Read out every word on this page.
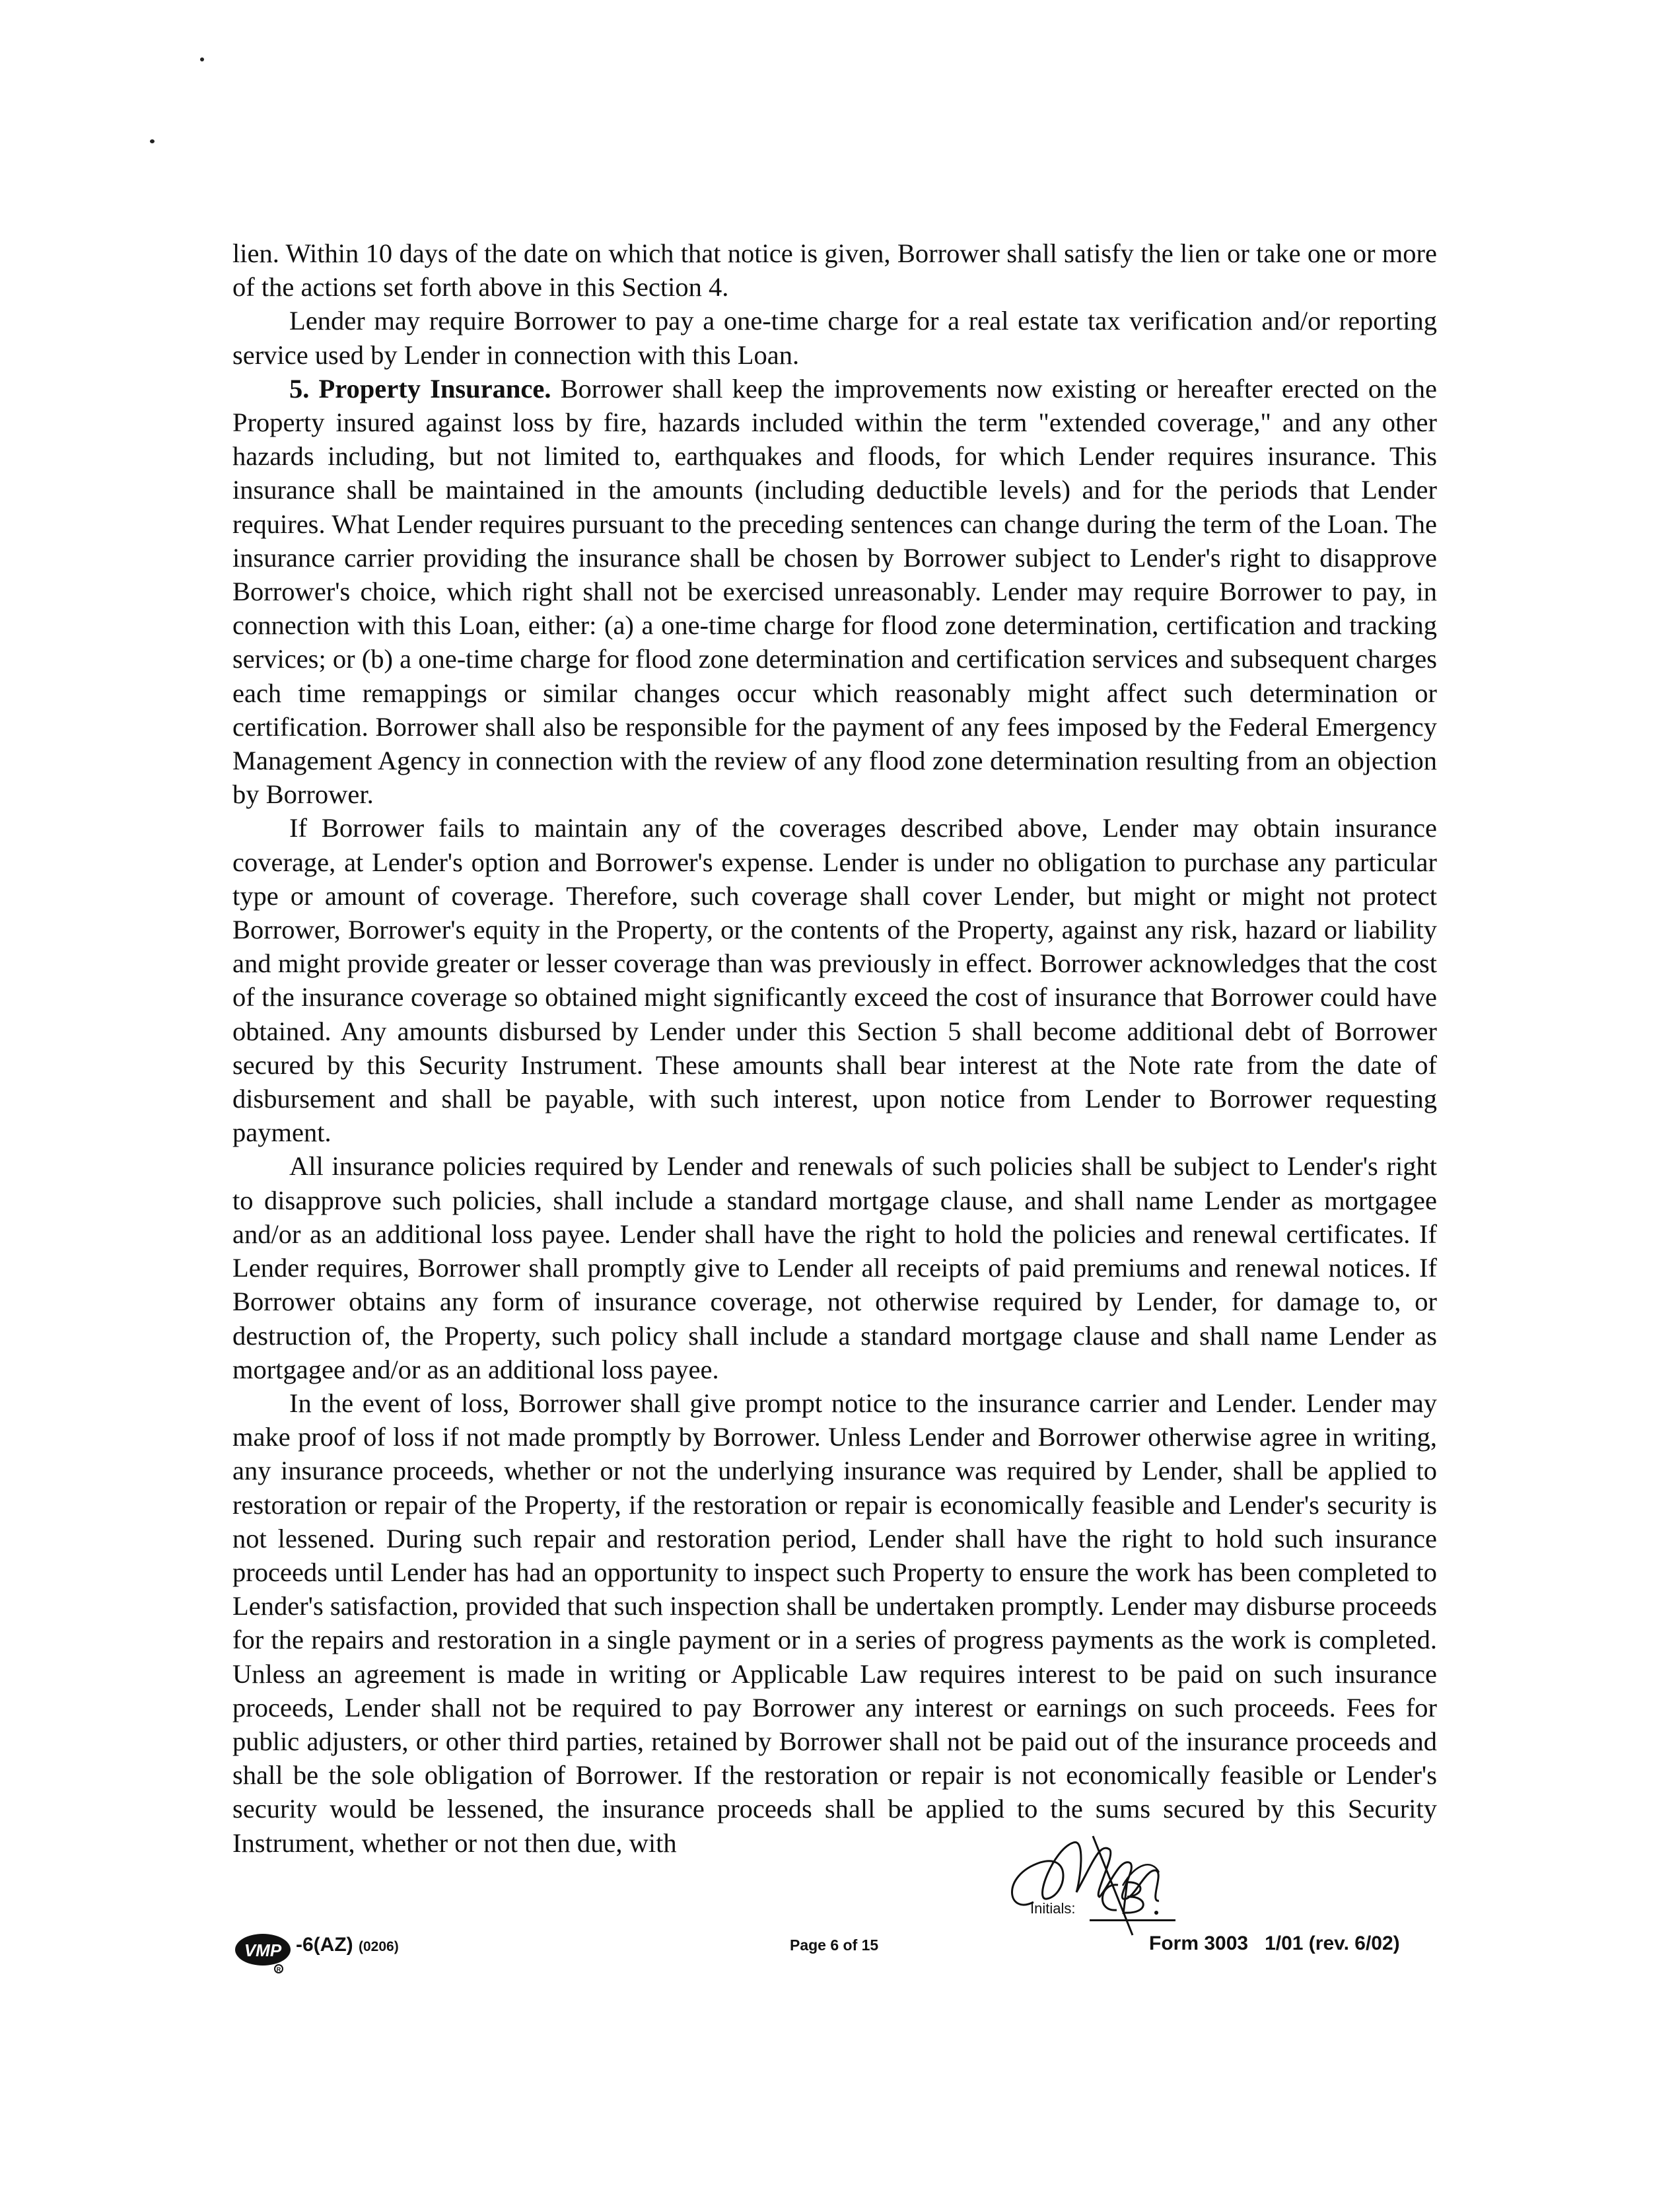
lien. Within 10 days of the date on which that notice is given, Borrower shall satisfy the lien or take one or more of the actions set forth above in this Section 4.

Lender may require Borrower to pay a one-time charge for a real estate tax verification and/or reporting service used by Lender in connection with this Loan.

5. Property Insurance. Borrower shall keep the improvements now existing or hereafter erected on the Property insured against loss by fire, hazards included within the term "extended coverage," and any other hazards including, but not limited to, earthquakes and floods, for which Lender requires insurance. This insurance shall be maintained in the amounts (including deductible levels) and for the periods that Lender requires. What Lender requires pursuant to the preceding sentences can change during the term of the Loan. The insurance carrier providing the insurance shall be chosen by Borrower subject to Lender's right to disapprove Borrower's choice, which right shall not be exercised unreasonably. Lender may require Borrower to pay, in connection with this Loan, either: (a) a one-time charge for flood zone determination, certification and tracking services; or (b) a one-time charge for flood zone determination and certification services and subsequent charges each time remappings or similar changes occur which reasonably might affect such determination or certification. Borrower shall also be responsible for the payment of any fees imposed by the Federal Emergency Management Agency in connection with the review of any flood zone determination resulting from an objection by Borrower.

If Borrower fails to maintain any of the coverages described above, Lender may obtain insurance coverage, at Lender's option and Borrower's expense. Lender is under no obligation to purchase any particular type or amount of coverage. Therefore, such coverage shall cover Lender, but might or might not protect Borrower, Borrower's equity in the Property, or the contents of the Property, against any risk, hazard or liability and might provide greater or lesser coverage than was previously in effect. Borrower acknowledges that the cost of the insurance coverage so obtained might significantly exceed the cost of insurance that Borrower could have obtained. Any amounts disbursed by Lender under this Section 5 shall become additional debt of Borrower secured by this Security Instrument. These amounts shall bear interest at the Note rate from the date of disbursement and shall be payable, with such interest, upon notice from Lender to Borrower requesting payment.

All insurance policies required by Lender and renewals of such policies shall be subject to Lender's right to disapprove such policies, shall include a standard mortgage clause, and shall name Lender as mortgagee and/or as an additional loss payee. Lender shall have the right to hold the policies and renewal certificates. If Lender requires, Borrower shall promptly give to Lender all receipts of paid premiums and renewal notices. If Borrower obtains any form of insurance coverage, not otherwise required by Lender, for damage to, or destruction of, the Property, such policy shall include a standard mortgage clause and shall name Lender as mortgagee and/or as an additional loss payee.

In the event of loss, Borrower shall give prompt notice to the insurance carrier and Lender. Lender may make proof of loss if not made promptly by Borrower. Unless Lender and Borrower otherwise agree in writing, any insurance proceeds, whether or not the underlying insurance was required by Lender, shall be applied to restoration or repair of the Property, if the restoration or repair is economically feasible and Lender's security is not lessened. During such repair and restoration period, Lender shall have the right to hold such insurance proceeds until Lender has had an opportunity to inspect such Property to ensure the work has been completed to Lender's satisfaction, provided that such inspection shall be undertaken promptly. Lender may disburse proceeds for the repairs and restoration in a single payment or in a series of progress payments as the work is completed. Unless an agreement is made in writing or Applicable Law requires interest to be paid on such insurance proceeds, Lender shall not be required to pay Borrower any interest or earnings on such proceeds. Fees for public adjusters, or other third parties, retained by Borrower shall not be paid out of the insurance proceeds and shall be the sole obligation of Borrower. If the restoration or repair is not economically feasible or Lender's security would be lessened, the insurance proceeds shall be applied to the sums secured by this Security Instrument, whether or not then due, with

Initials:
VMP
R
-6(AZ) (0206)	Page 6 of 15	Form 3003   1/01 (rev. 6/02)
